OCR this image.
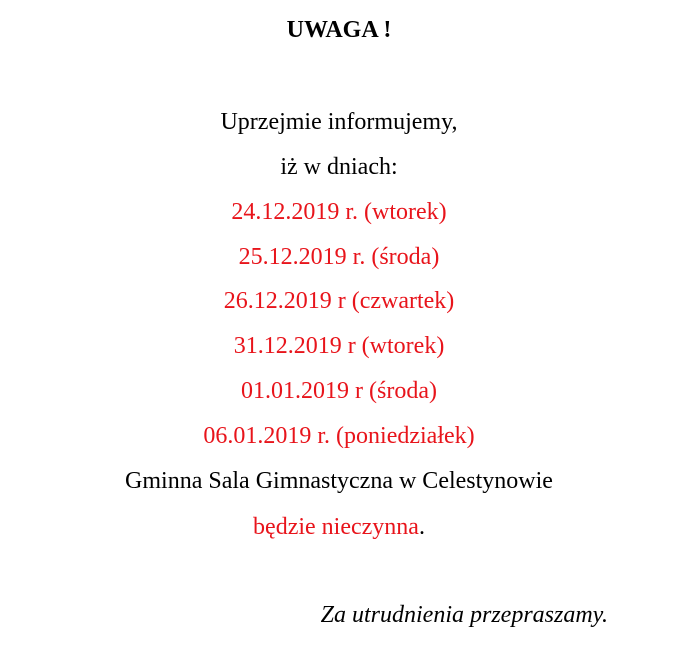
UWAGA !
Uprzejmie informujemy,
iż w dniach:
24.12.2019 r. (wtorek)
25.12.2019 r. (środa)
26.12.2019 r (czwartek)
31.12.2019 r (wtorek)
01.01.2019 r (środa)
06.01.2019 r. (poniedziałek)
Gminna Sala Gimnastyczna w Celestynowie
będzie nieczynna.
Za utrudnienia przepraszamy.
